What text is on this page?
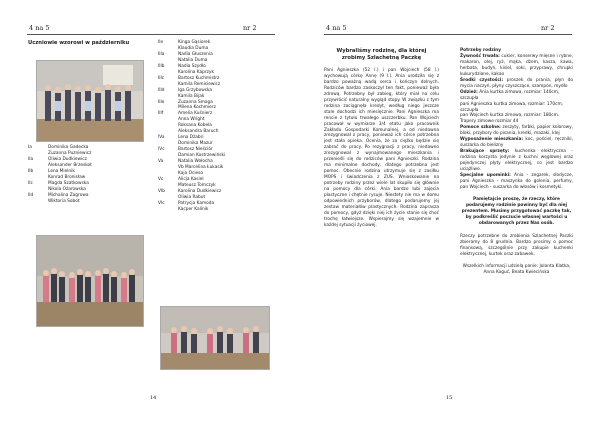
4 na 5	nr 2
Uczniowie wzorowi w październiku
Ia	Dominika Gadecka
Zuzanna Puzniewicz
IIa	Oliwia Dudkiewicz
Aleksander Brzeskot
IIb	Lena Mielnik
Konrad Bronisław
IIc	Magda Szatkowska
Nikola Ożarowska
IId	Michalina Zagrowa
Wiktoria Sobot
IIe	Kinga Gąsiorek
Klaudia Duma
IIIa	Nadia Głuszenia
Natalia Duma
IIIb	Nadia Szydło
Karolina Kaprzyk
IIIc	Bartosz Kuchmistrz
Kamila Remisiewicz
IIId	Iga Grzybowska
Kamila Bijak
IIIe	Zuzanna Smaga
Milena Kochmierz
IIIf	Amelia Kuśnierz
Anna Wright
Roksana Kobela
Aleksandra Baruch
IVa	Lena Dżabri
Dominika Mazur
IVc	Bartosz Nieściór
Damian Kostrzewiński
Va	Natalia Wołocha
Vb Marcelina Łukasik
Kaja Ocieso
Vc	Alicja Kasiel
Mateusz Tomczyk
VIb	Karolina Dudkiewicz
Oliwia Rabut
VIc	Patrycja Kamoda
Kacper Kalinik
14
4 na 5	nr 2
Wybraliśmy rodzinę, dla której
zrobimy Szlachetną Paczkę
Pani Agnieszka (52 l.) i pan Wojciech (58 l.) wychowują córkę Annę (9 l.). Ania urodziła się z bardzo poważną wadą serca i kończyn dolnych. Rodziców bardzo zaskoczył ten fakt, ponieważ była zdrową. Potrzebny był zabieg, który miał na celu przywrócić naturalny wygląd stopy. W związku z tym rodzina zaciągnęła kredyt, według niego jeszcze stale dochodzi ich miesięcznie. Pani Agnieszka ma rencie z tytułu trwałego uszczerbku. Pan Wojciech pracował w wymiarze 3/4 etatu jako pracownik Zakładu Gospodarki Komunalnej, a od niedawna zrezygnował z pracy, ponieważ ich córce potrzebna jest stała opieka. Ocenia, że za ciężko będzie się zabrać do pracy. Po rezygnacji z pracy, niedawno zrezygnował z wynajmowanego mieszkania i przenieśli się do rodziców pani Agnieszki. Rodzina ma minimalne dochody, dlatego potrzebna jest pomoc. Obecnie rodzina utrzymuje się z zasiłku MOPS i świadczenia z ZUS. Wnioskowanie na potrzeby rodziny przez wiele lat skupiło się głównie na pomocy dla córki. Ania bardzo lubi zajęcia plastyczne i chętnie rysuje. Niestety nie ma w domu odpowiednich przyborów, dlatego podarujemy jej zestaw materiałów plastycznych. Rodzina zaprasza do pomocy, gdyż dzięki niej ich życie stanie się choć trochę łatwiejsze. Wspierajmy się wzajemnie w każdej sytuacji życiowej.
Potrzeby rodziny
Żywność trwała: cukier, konserwy mięsne i rybne, makaron, olej, ryż, mąka, dżem, kasza, kawa, herbata, budyń, kisiel, soki, przyprawy, chrupki kukurydziane, kakao
Środki czystości: proszek do prania, płyn do mycia naczyń, płyny czyszczące, szampon, mydło
Odzież: Ania kurtka zimowa, rozmiar: 140cm, szczupła
pani Agnieszka kurtka zimowa, rozmiar: 170cm, szczupła
pan Wojciech kurtka zimowa, rozmiar: 180cm. Trapery zimowe rozmiar 44
Pomoce szkolne: zeszyty, farbki, papier kolorowy, bloki, przybory do pisania, kredki, mazaki, klej
Wyposażenie mieszkania: koc, pościel, ręczniki, suszarka do bielizny
Brakujące sprzęty: kuchenka elektryczna - rodzina korzysta jedynie z kuchni węglowej oraz pojedynczej płyty elektrycznej, co jest bardzo uciążliwe.
Specjalne upominki: Ania - zegarek, słodycze, pani Agnieszka - maszynka do golenia, perfumy, pan Wojciech - suszarka do włosów i kosmetyki.
Pamiętajcie proszę, że rzeczy, które podarujemy rodzinie powinny być dla niej prezentem. Musimy przygotować paczkę tak, by podkreślić poczucie własnej wartości u obdarowanych przez Nas osób.
Rzeczy potrzebne do zrobienia Szlachetnej Paczki zbieramy do 8 grudnia. Bardzo prosimy o pomoc finansową, szczególnie przy zakupie kuchenki elektrycznej, kurtek oraz zabawek.
Wszelkich informacji udzielą panie: Jolanta Klatka, Anna Koguć, Beata Kwiecińska
15
